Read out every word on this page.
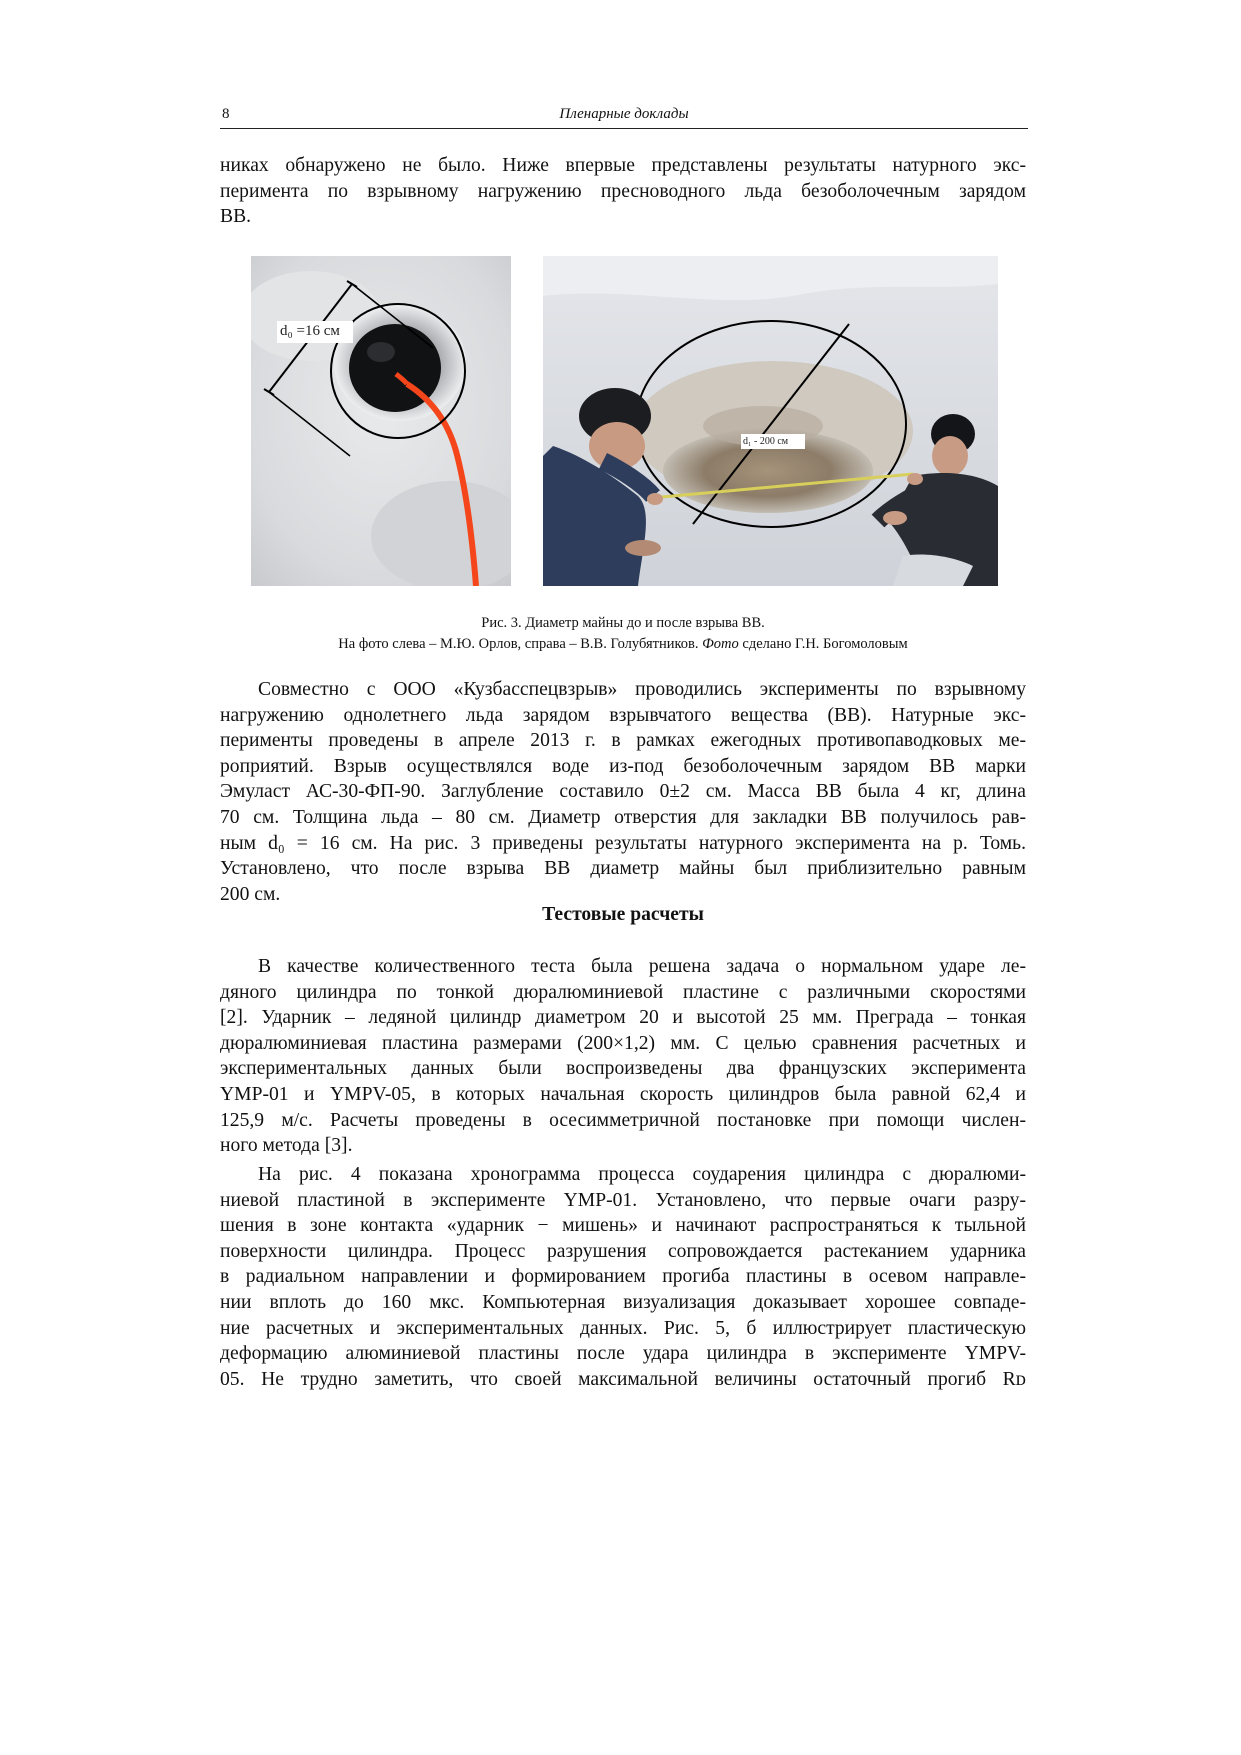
8	Пленарные доклады
никах обнаружено не было. Ниже впервые представлены результаты натурного экс-
перимента по взрывному нагружению пресноводного льда безоболочечным зарядом
ВВ.
d₀ =16 см
d₁ - 200 см
Рис. 3. Диаметр майны до и после взрыва ВВ.
На фото слева – М.Ю. Орлов, справа – В.В. Голубятников. Фото сделано Г.Н. Богомоловым
Совместно с ООО «Кузбасспецвзрыв» проводились эксперименты по взрывному
нагружению однолетнего льда зарядом взрывчатого вещества (ВВ). Натурные экс-
перименты проведены в апреле 2013 г. в рамках ежегодных противопаводковых ме-
роприятий. Взрыв осуществлялся воде из-под безоболочечным зарядом ВВ марки
Эмуласт АС-30-ФП-90. Заглубление составило 0±2 см. Масса ВВ была 4 кг, длина
70 см. Толщина льда – 80 см. Диаметр отверстия для закладки ВВ получилось рав-
ным d₀ = 16 см. На рис. 3 приведены результаты натурного эксперимента на р. Томь.
Установлено, что после взрыва ВВ диаметр майны был приблизительно равным
200 см.
Тестовые расчеты
В качестве количественного теста была решена задача о нормальном ударе ле-
дяного цилиндра по тонкой дюралюминиевой пластине с различными скоростями
[2]. Ударник – ледяной цилиндр диаметром 20 и высотой 25 мм. Преграда – тонкая
дюралюминиевая пластина размерами (200×1,2) мм. С целью сравнения расчетных и
экспериментальных данных были воспроизведены два французских эксперимента
YMP-01 и YMPV-05, в которых начальная скорость цилиндров была равной 62,4 и
125,9 м/с. Расчеты проведены в осесимметричной постановке при помощи числен-
ного метода [3].
На рис. 4 показана хронограмма процесса соударения цилиндра с дюралюми-
ниевой пластиной в эксперименте YMP-01. Установлено, что первые очаги разру-
шения в зоне контакта «ударник − мишень» и начинают распространяться к тыльной
поверхности цилиндра. Процесс разрушения сопровождается растеканием ударника
в радиальном направлении и формированием прогиба пластины в осевом направле-
нии вплоть до 160 мкс. Компьютерная визуализация доказывает хорошее совпаде-
ние расчетных и экспериментальных данных. Рис. 5, б иллюстрирует пластическую
деформацию алюминиевой пластины после удара цилиндра в эксперименте YMPV-
05. Не трудно заметить, что своей максимальной величины остаточный прогиб Rᴅ
